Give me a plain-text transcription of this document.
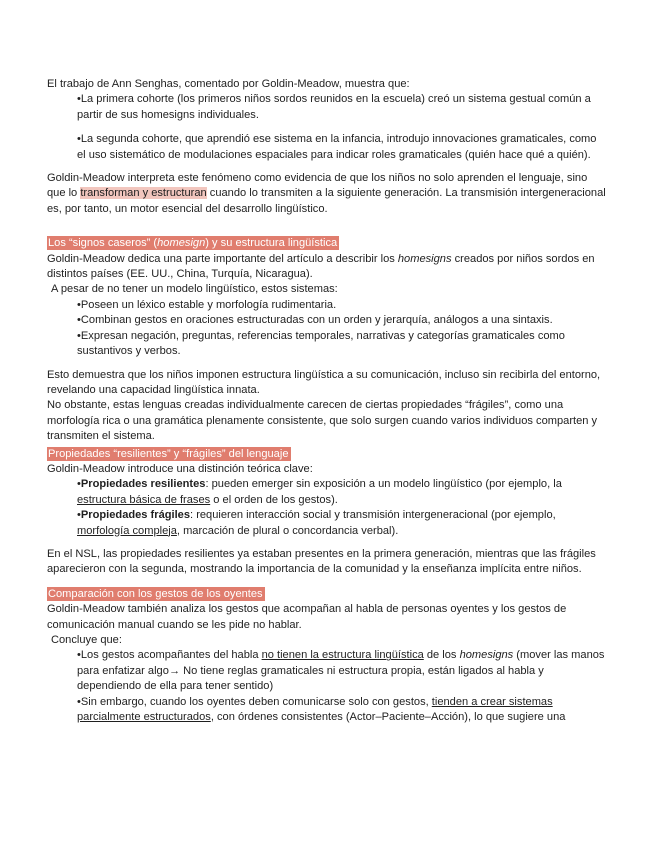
El trabajo de Ann Senghas, comentado por Goldin-Meadow, muestra que:

•La primera cohorte (los primeros niños sordos reunidos en la escuela) creó un sistema gestual común a partir de sus homesigns individuales.

•La segunda cohorte, que aprendió ese sistema en la infancia, introdujo innovaciones gramaticales, como el uso sistemático de modulaciones espaciales para indicar roles gramaticales (quién hace qué a quién).

Goldin-Meadow interpreta este fenómeno como evidencia de que los niños no solo aprenden el lenguaje, sino que lo transforman y estructuran cuando lo transmiten a la siguiente generación. La transmisión intergeneracional es, por tanto, un motor esencial del desarrollo lingüístico.

Los “signos caseros” (homesign) y su estructura lingüística

Goldin-Meadow dedica una parte importante del artículo a describir los homesigns creados por niños sordos en distintos países (EE. UU., China, Turquía, Nicaragua).

A pesar de no tener un modelo lingüístico, estos sistemas:

•Poseen un léxico estable y morfología rudimentaria.

•Combinan gestos en oraciones estructuradas con un orden y jerarquía, análogos a una sintaxis.

•Expresan negación, preguntas, referencias temporales, narrativas y categorías gramaticales como sustantivos y verbos.

Esto demuestra que los niños imponen estructura lingüística a su comunicación, incluso sin recibirla del entorno, revelando una capacidad lingüística innata.

No obstante, estas lenguas creadas individualmente carecen de ciertas propiedades “frágiles”, como una morfología rica o una gramática plenamente consistente, que solo surgen cuando varios individuos comparten y transmiten el sistema.

Propiedades “resilientes” y “frágiles” del lenguaje

Goldin-Meadow introduce una distinción teórica clave:

•Propiedades resilientes: pueden emerger sin exposición a un modelo lingüístico (por ejemplo, la estructura básica de frases o el orden de los gestos).

•Propiedades frágiles: requieren interacción social y transmisión intergeneracional (por ejemplo, morfología compleja, marcación de plural o concordancia verbal).

En el NSL, las propiedades resilientes ya estaban presentes en la primera generación, mientras que las frágiles aparecieron con la segunda, mostrando la importancia de la comunidad y la enseñanza implícita entre niños.

Comparación con los gestos de los oyentes

Goldin-Meadow también analiza los gestos que acompañan al habla de personas oyentes y los gestos de comunicación manual cuando se les pide no hablar.

Concluye que:

•Los gestos acompañantes del habla no tienen la estructura lingüística de los homesigns (mover las manos para enfatizar algo→ No tiene reglas gramaticales ni estructura propia, están ligados al habla y dependiendo de ella para tener sentido)

•Sin embargo, cuando los oyentes deben comunicarse solo con gestos, tienden a crear sistemas parcialmente estructurados, con órdenes consistentes (Actor–Paciente–Acción), lo que sugiere una
